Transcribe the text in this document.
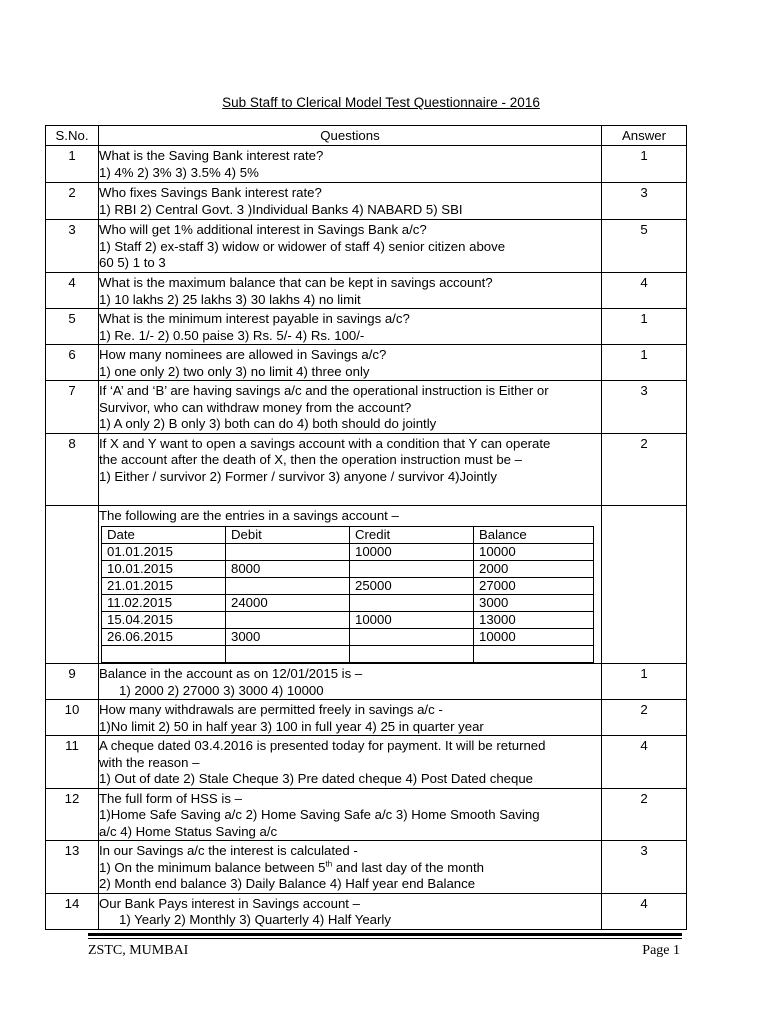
Sub Staff to Clerical Model Test Questionnaire - 2016
S.No.	Questions	Answer
1	What is the Saving Bank interest rate?
1) 4% 2) 3% 3) 3.5% 4) 5%
	1
2	Who fixes Savings Bank interest rate?
1) RBI 2) Central Govt. 3 )Individual Banks 4) NABARD 5) SBI
	3
3	Who will get 1% additional interest in Savings Bank a/c?
1) Staff 2) ex-staff 3) widow or widower of staff 4) senior citizen above
60 5) 1 to 3
	5
4	What is the maximum balance that can be kept in savings account?
1) 10 lakhs 2) 25 lakhs 3) 30 lakhs 4) no limit
	4
5	What is the minimum interest payable in savings a/c?
1) Re. 1/- 2) 0.50 paise 3) Rs. 5/- 4) Rs. 100/-
	1
6	How many nominees are allowed in Savings a/c?
1) one only 2) two only 3) no limit 4) three only
	1
7	If ‘A’ and ‘B’ are having savings a/c and the operational instruction is Either or
Survivor, who can withdraw money from the account?
1) A only 2) B only 3) both can do 4) both should do jointly
	3
8	If X and Y want to open a savings account with a condition that Y can operate
the account after the death of X, then the operation instruction must be –
1) Either / survivor 2) Former / survivor 3) anyone / survivor 4)Jointly
	2

The following are the entries in a savings account –
Date	Debit	Credit	Balance
01.01.2015		10000	10000
10.01.2015	8000		2000
21.01.2015		25000	27000
11.02.2015	24000		3000
15.04.2015		10000	13000
26.06.2015	3000		10000

9	Balance in the account as on 12/01/2015 is –
1) 2000 2) 27000 3) 3000 4) 10000
	1
10	How many withdrawals are permitted freely in savings a/c -
1)No limit 2) 50 in half year 3) 100 in full year 4) 25 in quarter year
	2
11	A cheque dated 03.4.2016 is presented today for payment. It will be returned
with the reason –
1) Out of date 2) Stale Cheque 3) Pre dated cheque 4) Post Dated cheque
	4
12	The full form of HSS is –
1)Home Safe Saving a/c 2) Home Saving Safe a/c 3) Home Smooth Saving
a/c 4) Home Status Saving a/c
	2
13	In our Savings a/c the interest is calculated -
1) On the minimum balance between 5th and last day of the month
2) Month end balance 3) Daily Balance 4) Half year end Balance
	3
14	Our Bank Pays interest in Savings account –
1) Yearly 2) Monthly 3) Quarterly 4) Half Yearly
	4
ZSTC, MUMBAI	Page 1
